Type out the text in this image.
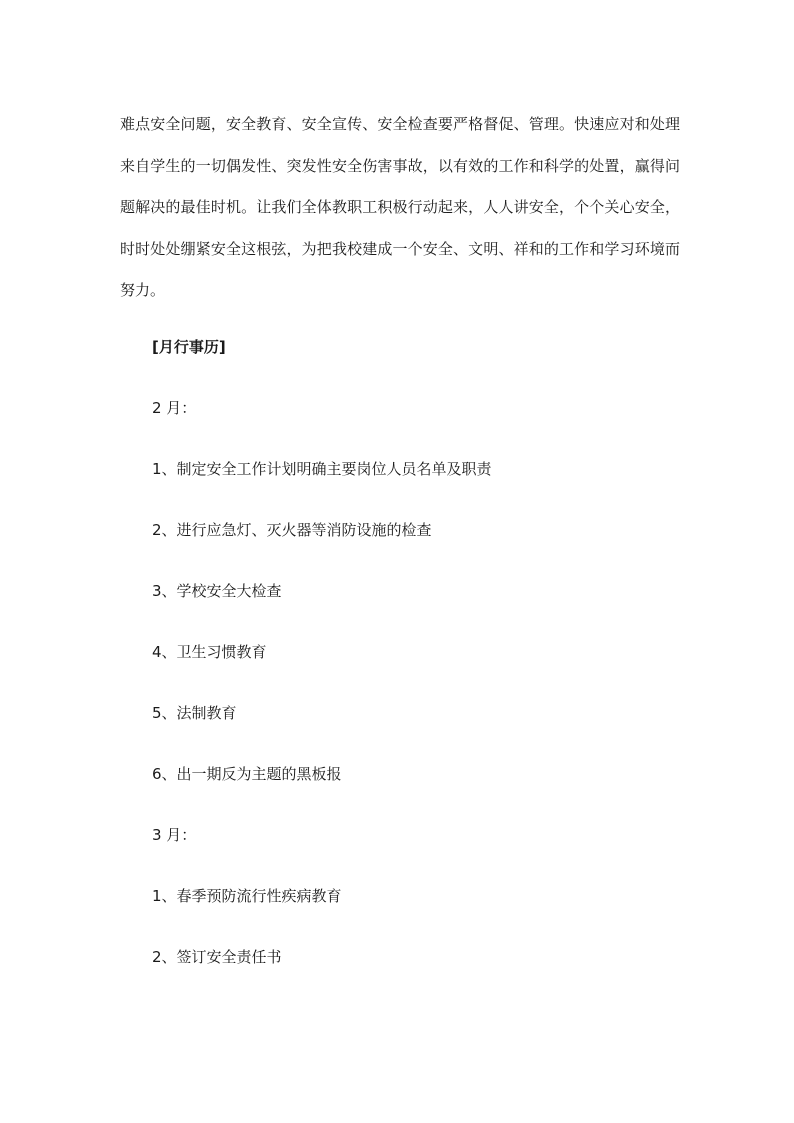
难点安全问题，安全教育、安全宣传、安全检查要严格督促、管理。快速应对和处理来自学生的一切偶发性、突发性安全伤害事故，以有效的工作和科学的处置，赢得问题解决的最佳时机。让我们全体教职工积极行动起来，人人讲安全，个个关心安全，时时处处绷紧安全这根弦，为把我校建成一个安全、文明、祥和的工作和学习环境而努力。

[月行事历]
2 月：
1、制定安全工作计划明确主要岗位人员名单及职责
2、进行应急灯、灭火器等消防设施的检查
3、学校安全大检查
4、卫生习惯教育
5、法制教育
6、出一期反为主题的黑板报
3 月：
1、春季预防流行性疾病教育
2、签订安全责任书
